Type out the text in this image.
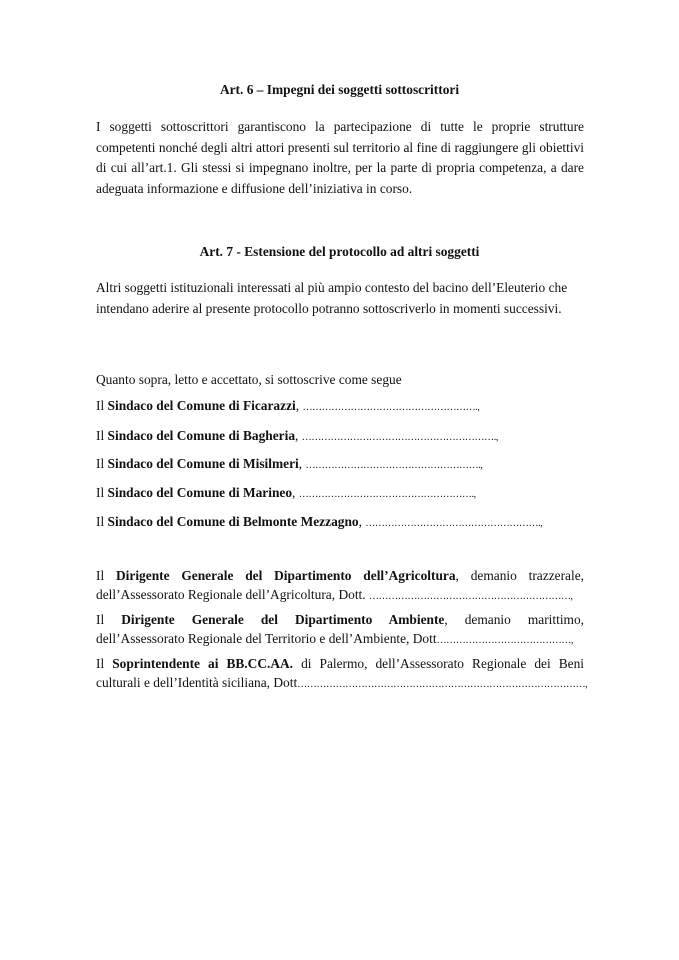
Art. 6 – Impegni dei soggetti sottoscrittori
I soggetti sottoscrittori garantiscono la partecipazione di tutte le proprie strutture competenti nonché degli altri attori presenti sul territorio al fine di raggiungere gli obiettivi di cui all’art.1. Gli stessi si impegnano inoltre, per la parte di propria competenza, a dare adeguata informazione e diffusione dell’iniziativa in corso.
Art. 7 - Estensione del protocollo ad altri soggetti
Altri soggetti istituzionali interessati al più ampio contesto del bacino dell’Eleuterio che intendano aderire al presente protocollo potranno sottoscriverlo in momenti successivi.
Quanto sopra, letto e accettato, si sottoscrive come segue
Il Sindaco del Comune di Ficarazzi, ……………………………………………….,
Il Sindaco del Comune di Bagheria, …………………………………………………….,
Il Sindaco del Comune di Misilmeri, ……………………………………………….,
Il Sindaco del Comune di Marineo, ……………………………………………….,
Il Sindaco del Comune di Belmonte Mezzagno, ……………………………………………….,
Il Dirigente Generale del Dipartimento dell’Agricoltura, demanio trazzerale,
dell’Assessorato Regionale dell’Agricoltura, Dott. ………………………………………………………,
Il Dirigente Generale del Dipartimento Ambiente, demanio marittimo,
dell’Assessorato Regionale del Territorio e dell’Ambiente, Dott……………………………………,
Il Soprintendente ai BB.CC.AA. di Palermo, dell’Assessorato Regionale dei Beni
culturali e dell’Identità siciliana, Dott………………………………………………………………………………,
